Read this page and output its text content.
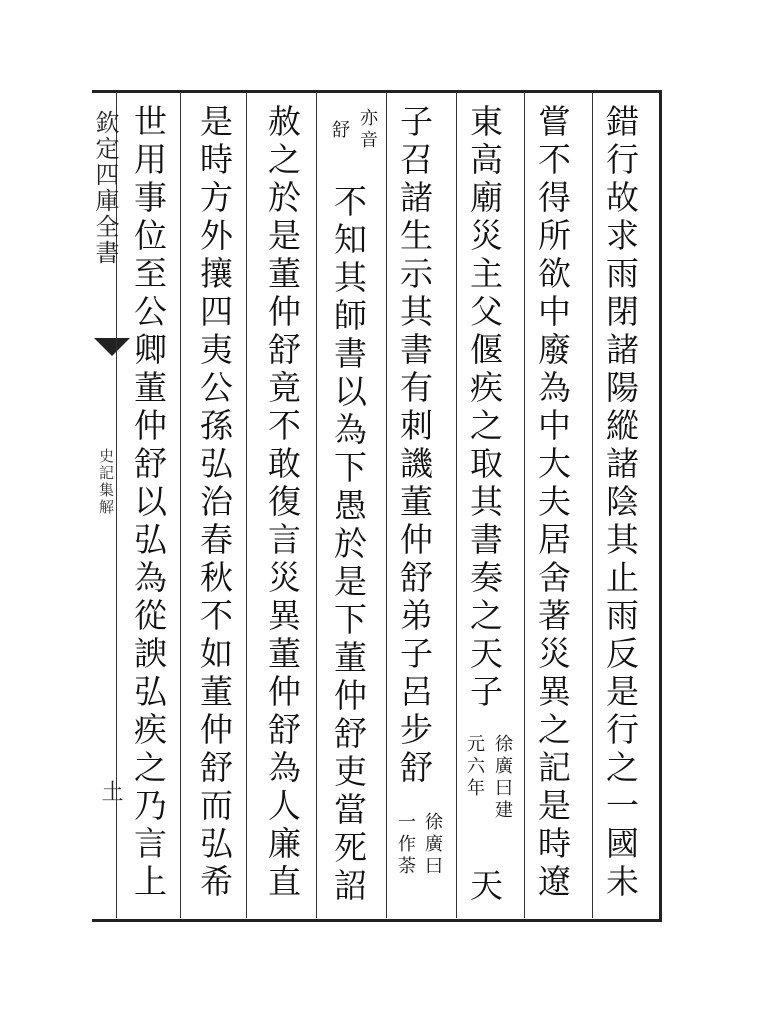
欽定四庫全書
史記集解
土	錯行故求雨閉諸陽縱諸陰其止雨反是行之一國未
嘗不得所欲中廢為中大夫居舍著災異之記是時遼
東高廟災主父偃疾之取其書奏之天子
徐廣曰建
元六年
天
子召諸生示其書有刺譏董仲舒弟子呂步舒
徐廣曰
一作荼
亦音
舒
不知其師書以為下愚於是下董仲舒吏當死詔
赦之於是董仲舒竟不敢復言災異董仲舒為人廉直
是時方外攘四夷公孫弘治春秋不如董仲舒而弘希
世用事位至公卿董仲舒以弘為從諛弘疾之乃言上
